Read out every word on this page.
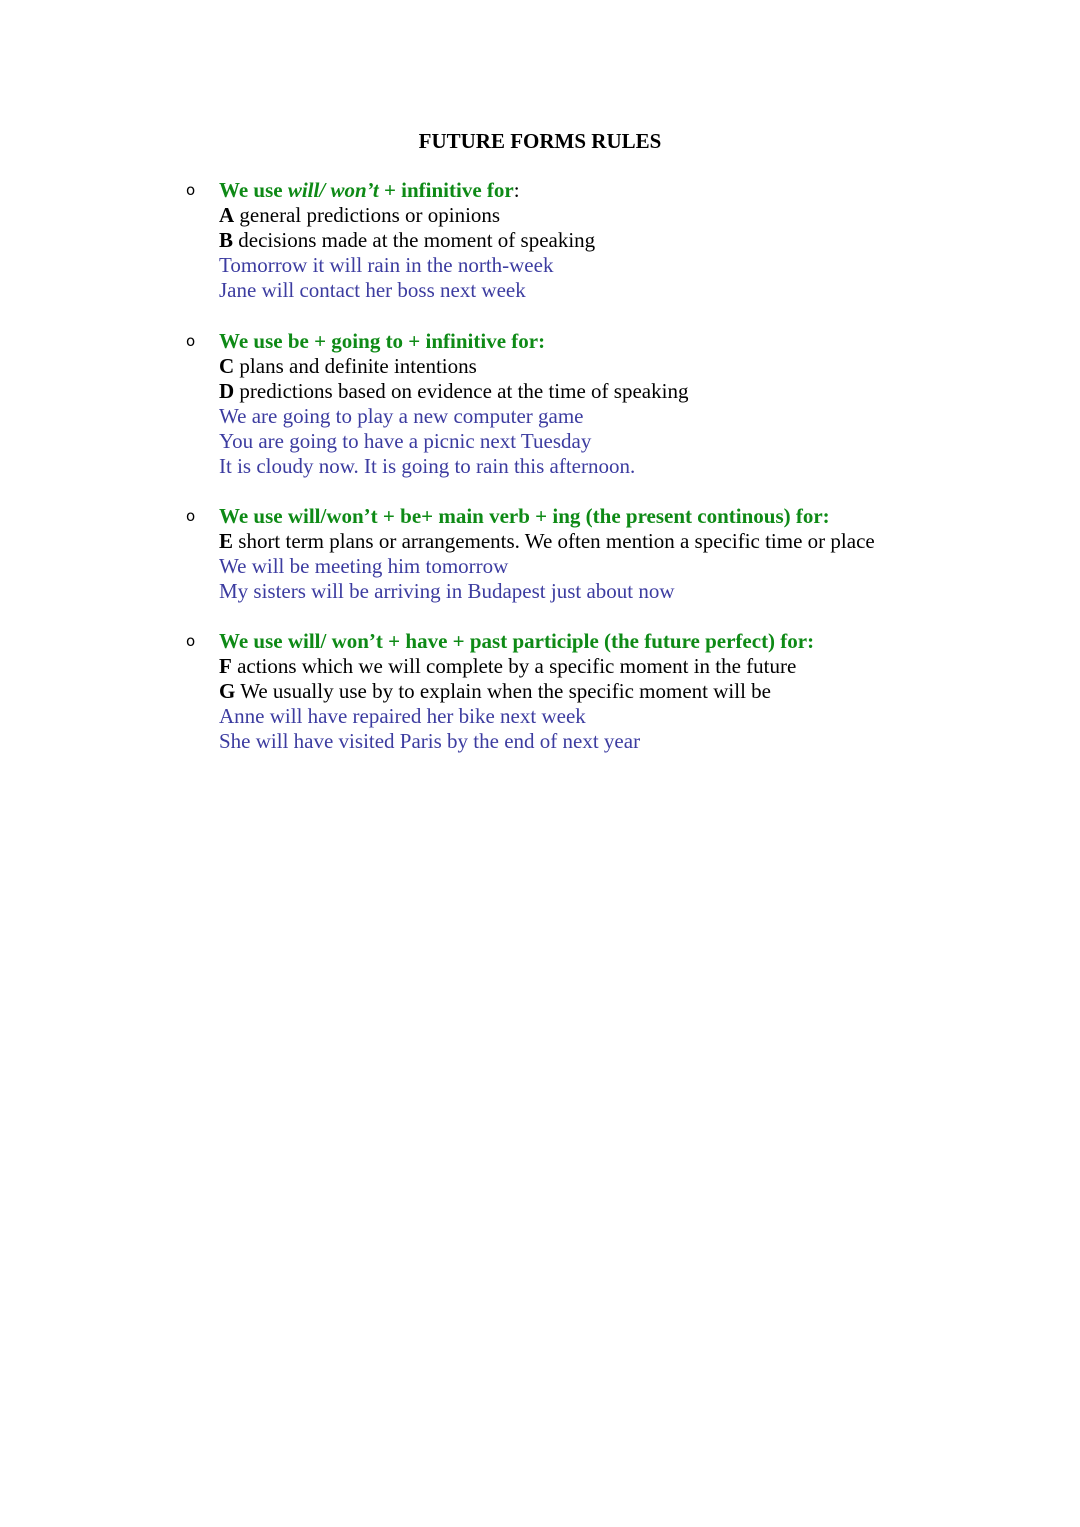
FUTURE FORMS RULES
o	We use will/ won’t + infinitive for:
A general predictions or opinions
B decisions made at the moment of speaking
Tomorrow it will rain in the north-week
Jane will contact her boss next week
o	We use be + going to + infinitive for:
C plans and definite intentions
D predictions based on evidence at the time of speaking
We are going to play a new computer game
You are going to have a picnic next Tuesday
It is cloudy now. It is going to rain this afternoon.
o	We use will/won’t + be+ main verb + ing (the present continous) for:
E short term plans or arrangements. We often mention a specific time or place
We will be meeting him tomorrow
My sisters will be arriving in Budapest just about now
o	We use will/ won’t + have + past participle (the future perfect) for:
F actions which we will complete by a specific moment in the future
G We usually use by to explain when the specific moment will be
Anne will have repaired her bike next week
She will have visited Paris by the end of next year
